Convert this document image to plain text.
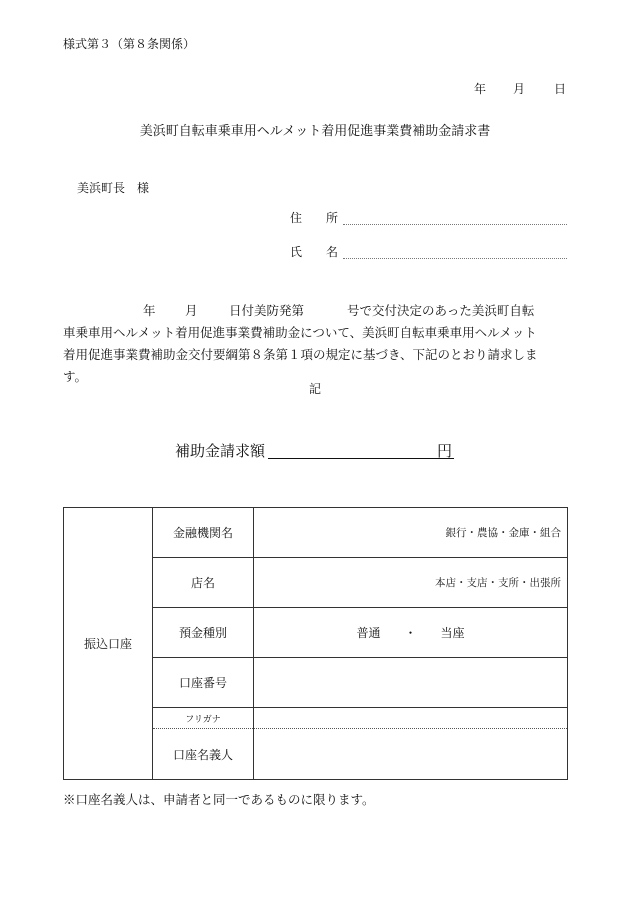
様式第３（第８条関係）
年 月 日
美浜町自転車乗車用ヘルメット着用促進事業費補助金請求書
美浜町長　様
住　　所
氏　　名
年 月	日付美防発第	号で交付決定のあった美浜町自転
車乗車用ヘルメット着用促進事業費補助金について、美浜町自転車乗車用ヘルメット
着用促進事業費補助金交付要綱第８条第１項の規定に基づき、下記のとおり請求しま
す。
記
補助金請求額	円
振込口座	金融機関名	銀行・農協・金庫・組合
	店名	本店・支店・支所・出張所
	預金種別	普通　　・　　当座
	口座番号	
	フリガナ	
	口座名義人	
※口座名義人は、申請者と同一であるものに限ります。
